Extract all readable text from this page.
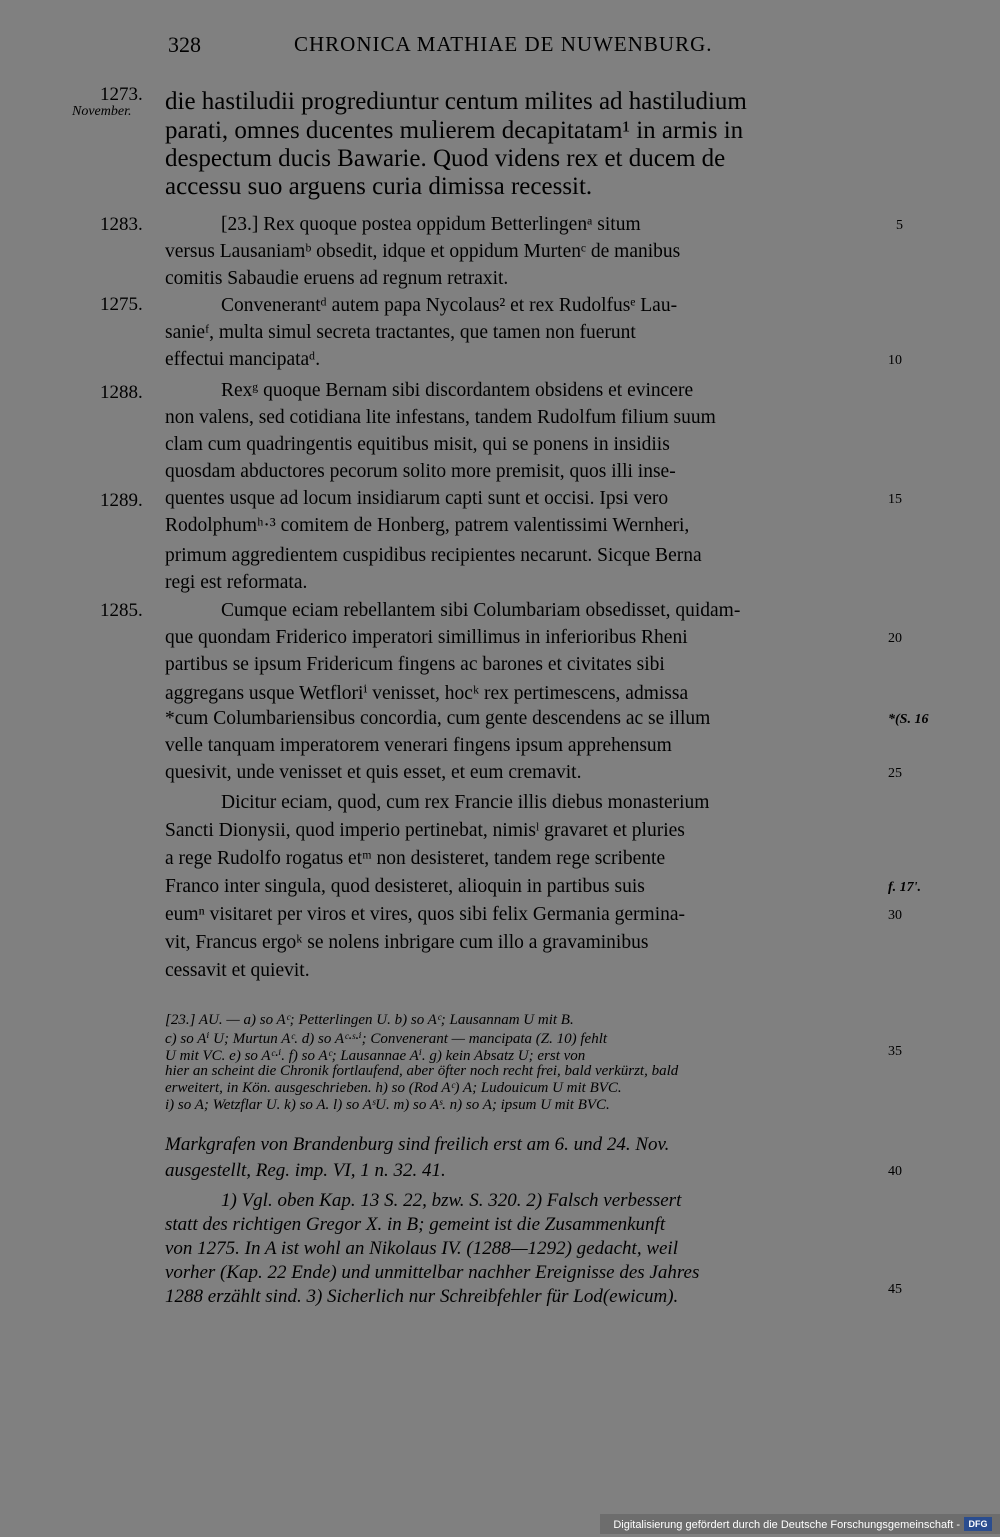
328	CHRONICA MATHIAE DE NUWENBURG.
1273.
November.
1283.
1275.
1288.
1289.
1285.
die hastiludii progrediuntur centum milites ad hastiludium
parati, omnes ducentes mulierem decapitatam¹ in armis in
despectum ducis Bawarie. Quod videns rex et ducem de
accessu suo arguens curia dimissa recessit.
[23.] Rex quoque postea oppidum Betterlingenᵃ situm
versus Lausaniamᵇ obsedit, idque et oppidum Murtenᶜ de manibus
comitis Sabaudie eruens ad regnum retraxit.
Convenerantᵈ autem papa Nycolaus² et rex Rudolfusᵉ Lau-
sanieᶠ, multa simul secreta tractantes, que tamen non fuerunt
effectui mancipataᵈ.
Rexᵍ quoque Bernam sibi discordantem obsidens et evincere
non valens, sed cotidiana lite infestans, tandem Rudolfum filium suum
clam cum quadringentis equitibus misit, qui se ponens in insidiis
quosdam abductores pecorum solito more premisit, quos illi inse-
quentes usque ad locum insidiarum capti sunt et occisi. Ipsi vero
Rodolphumʰ·³ comitem de Honberg, patrem valentissimi Wernheri,
primum aggredientem cuspidibus recipientes necarunt. Sicque Berna
regi est reformata.
Cumque eciam rebellantem sibi Columbariam obsedisset, quidam-
que quondam Friderico imperatori simillimus in inferioribus Rheni
partibus se ipsum Fridericum fingens ac barones et civitates sibi
aggregans usque Wetfloriⁱ venisset, hocᵏ rex pertimescens, admissa
*cum Columbariensibus concordia, cum gente descendens ac se illum
velle tanquam imperatorem venerari fingens ipsum apprehensum
quesivit, unde venisset et quis esset, et eum cremavit.
Dicitur eciam, quod, cum rex Francie illis diebus monasterium
Sancti Dionysii, quod imperio pertinebat, nimisˡ gravaret et pluries
a rege Rudolfo rogatus etᵐ non desisteret, tandem rege scribente
Franco inter singula, quod desisteret, alioquin in partibus suis
eumⁿ visitaret per viros et vires, quos sibi felix Germania germina-
vit, Francus ergoᵏ se nolens inbrigare cum illo a gravaminibus
cessavit et quievit.
5
10
15
20
*(S. 16
25
f. 17'.
30
35
40
45
[23.] AU. — a) so Aᶜ; Petterlingen U. b) so Aᶜ; Lausannam U mit B.
c) so Aⁱ U; Murtun Aᶜ. d) so Aᶜ·ˢ·ⁱ; Convenerant — mancipata (Z. 10) fehlt
U mit VC. e) so Aᶜ·ⁱ. f) so Aᶜ; Lausannae Aⁱ. g) kein Absatz U; erst von
hier an scheint die Chronik fortlaufend, aber öfter noch recht frei, bald verkürzt, bald
erweitert, in Kön. ausgeschrieben. h) so (Rod Aᶜ) A; Ludouicum U mit BVC.
i) so A; Wetzflar U. k) so A. l) so AˢU. m) so Aˢ. n) so A; ipsum U mit BVC.
Markgrafen von Brandenburg sind freilich erst am 6. und 24. Nov.
ausgestellt, Reg. imp. VI, 1 n. 32. 41.
1) Vgl. oben Kap. 13 S. 22, bzw. S. 320. 2) Falsch verbessert
statt des richtigen Gregor X. in B; gemeint ist die Zusammenkunft
von 1275. In A ist wohl an Nikolaus IV. (1288—1292) gedacht, weil
vorher (Kap. 22 Ende) und unmittelbar nachher Ereignisse des Jahres
1288 erzählt sind. 3) Sicherlich nur Schreibfehler für Lod(ewicum).
Digitalisierung gefördert durch die Deutsche Forschungsgemeinschaft - DFG
